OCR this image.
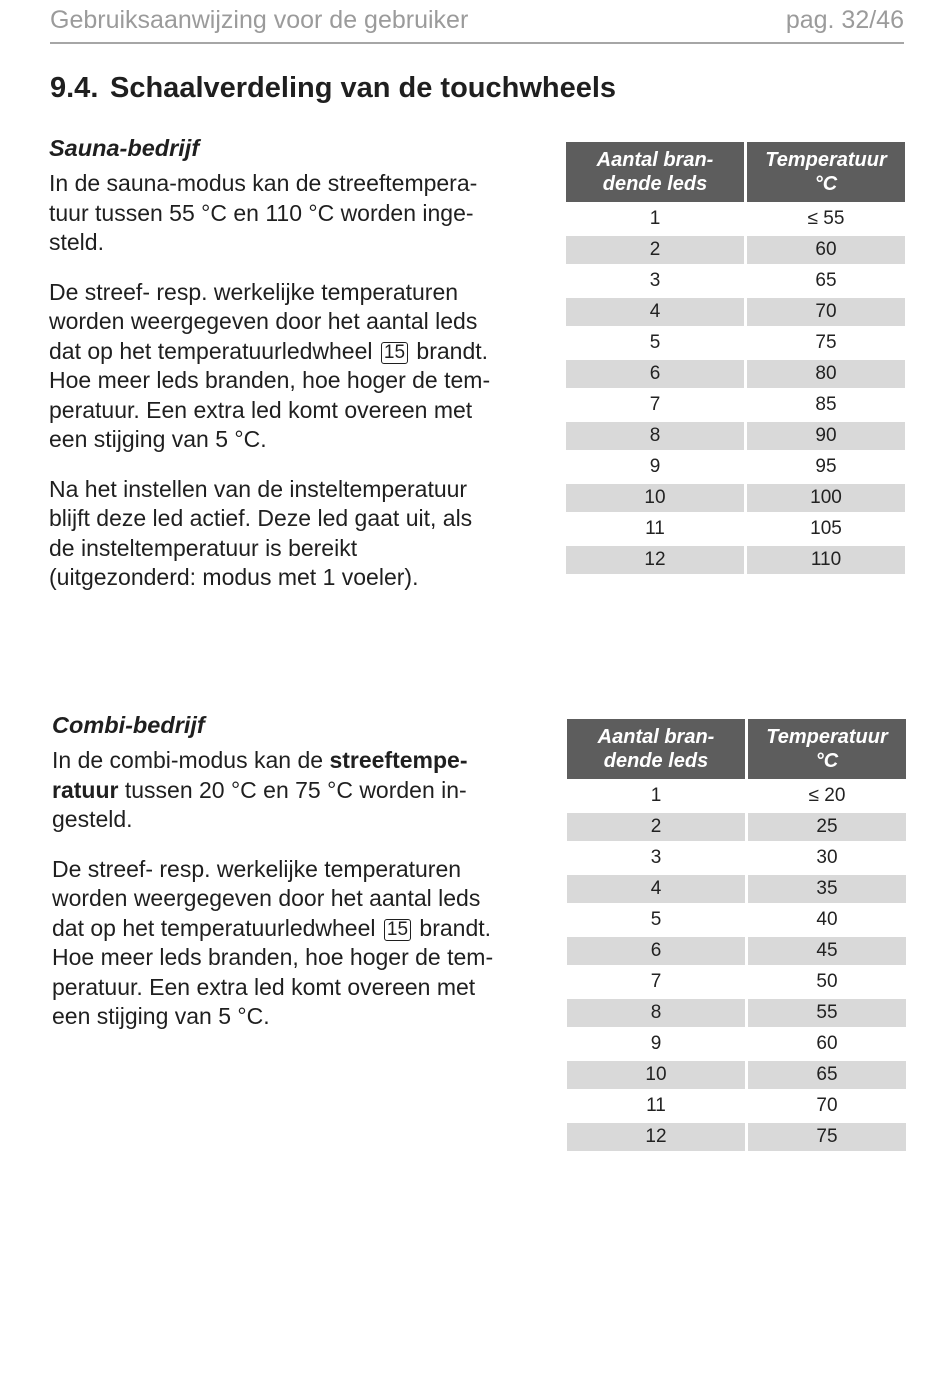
Gebruiksaanwijzing voor de gebruiker	pag. 32/46
9.4. Schaalverdeling van de touchwheels
Sauna-bedrijf

In de sauna-modus kan de streeftempera- tuur tussen 55 °C en 110 °C worden inge- steld.

De streef- resp. werkelijke temperaturen worden weergegeven door het aantal leds dat op het temperatuurledwheel 15 brandt. Hoe meer leds branden, hoe hoger de tem- peratuur. Een extra led komt overeen met een stijging van 5 °C.

Na het instellen van de insteltemperatuur blijft deze led actief. Deze led gaat uit, als de insteltemperatuur is bereikt (uitgezonderd: modus met 1 voeler).

Aantal bran- dende leds	Temperatuur
°C
1	≤ 55
2	60
3	65
4	70
5	75
6	80
7	85
8	90
9	95
10	100
11	105
12	110
Combi-bedrijf

In de combi-modus kan de streeftempe- ratuur tussen 20 °C en 75 °C worden in- gesteld.

De streef- resp. werkelijke temperaturen worden weergegeven door het aantal leds dat op het temperatuurledwheel 15 brandt. Hoe meer leds branden, hoe hoger de tem- peratuur. Een extra led komt overeen met een stijging van 5 °C.

Aantal bran- dende leds	Temperatuur
°C
1	≤ 20
2	25
3	30
4	35
5	40
6	45
7	50
8	55
9	60
10	65
11	70
12	75
